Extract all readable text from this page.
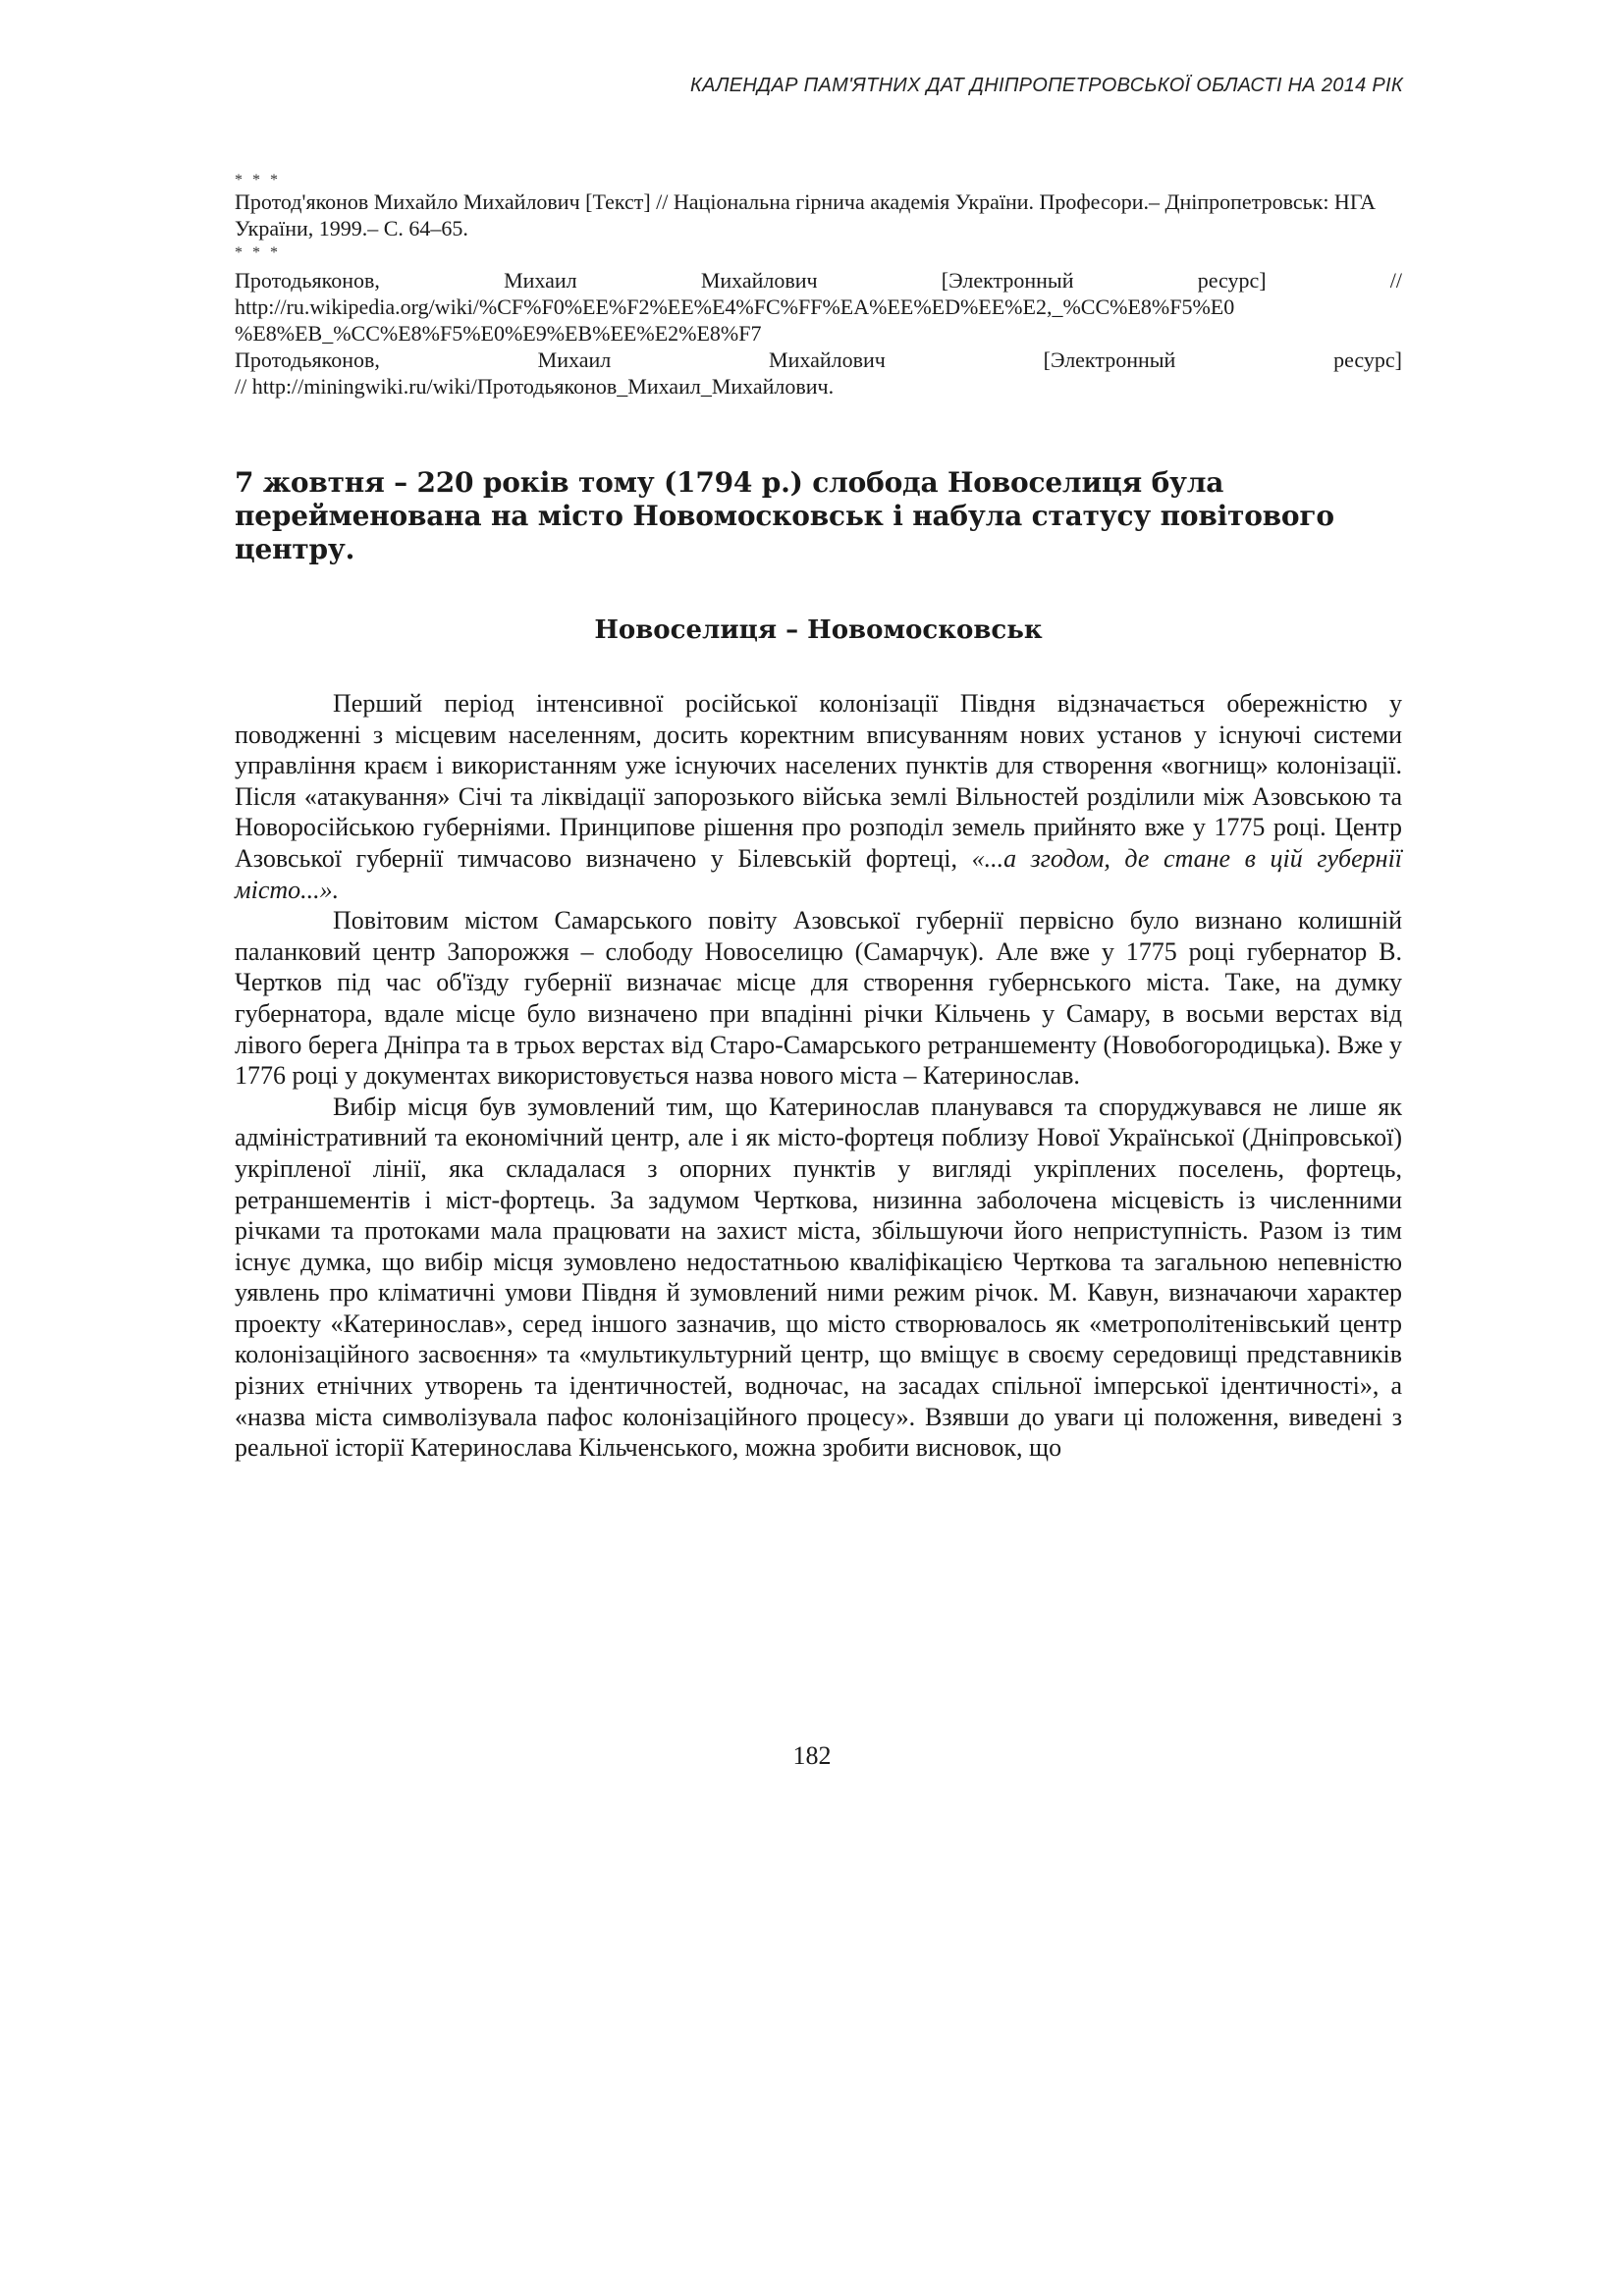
КАЛЕНДАР ПАМ'ЯТНИХ ДАТ ДНІПРОПЕТРОВСЬКОЇ ОБЛАСТІ НА 2014 РІК
* * *

Протод'яконов Михайло Михайлович [Текст] // Національна гірнича академія України. Професори.– Дніпропетровськ: НГА України, 1999.– С. 64–65.

* * *
Протодьяконов, Михаил Михайлович [Электронный ресурс] //
http://ru.wikipedia.org/wiki/%CF%F0%EE%F2%EE%E4%FC%FF%EA%EE%ED%EE%E2,_%CC%E8%F5%E0
%E8%EB_%CC%E8%F5%E0%E9%EB%EE%E2%E8%F7
Протодьяконов, Михаил Михайлович [Электронный ресурс]
// http://miningwiki.ru/wiki/Протодьяконов_Михаил_Михайлович.

7 жовтня – 220 років тому (1794 р.) слобода Новоселиця була перейменована на місто Новомосковськ і набула статусу повітового центру.

Новоселиця – Новомосковськ

Перший період інтенсивної російської колонізації Півдня відзначається обережністю у поводженні з місцевим населенням, досить коректним вписуванням нових установ у існуючі системи управління краєм і використанням уже існуючих населених пунктів для створення «вогнищ» колонізації. Після «атакування» Січі та ліквідації запорозького війська землі Вільностей розділили між Азовською та Новоросійською губерніями. Принципове рішення про розподіл земель прийнято вже у 1775 році. Центр Азовської губернії тимчасово визначено у Білевській фортеці, «...а згодом, де стане в цій губернії місто...».

Повітовим містом Самарського повіту Азовської губернії первісно було визнано колишній паланковий центр Запорожжя – слободу Новоселицю (Самарчук). Але вже у 1775 році губернатор В. Чертков під час об'їзду губернії визначає місце для створення губернського міста. Таке, на думку губернатора, вдале місце було визначено при впадінні річки Кільчень у Самару, в восьми верстах від лівого берега Дніпра та в трьох верстах від Старо-Самарського ретраншементу (Новобогородицька). Вже у 1776 році у документах використовується назва нового міста – Катеринослав.

Вибір місця був зумовлений тим, що Катеринослав планувався та споруджувався не лише як адміністративний та економічний центр, але і як місто-фортеця поблизу Нової Української (Дніпровської) укріпленої лінії, яка складалася з опорних пунктів у вигляді укріплених поселень, фортець, ретраншементів і міст-фортець. За задумом Черткова, низинна заболочена місцевість із численними річками та протоками мала працювати на захист міста, збільшуючи його неприступність. Разом із тим існує думка, що вибір місця зумовлено недостатньою кваліфікацією Черткова та загальною непевністю уявлень про кліматичні умови Півдня й зумовлений ними режим річок. М. Кавун, визначаючи характер проекту «Катеринослав», серед іншого зазначив, що місто створювалось як «метрополітенівський центр колонізаційного засвоєння» та «мультикультурний центр, що вміщує в своєму середовищі представників різних етнічних утворень та ідентичностей, водночас, на засадах спільної імперської ідентичності», а «назва міста символізувала пафос колонізаційного процесу». Взявши до уваги ці положення, виведені з реальної історії Катеринослава Кільченського, можна зробити висновок, що

182
